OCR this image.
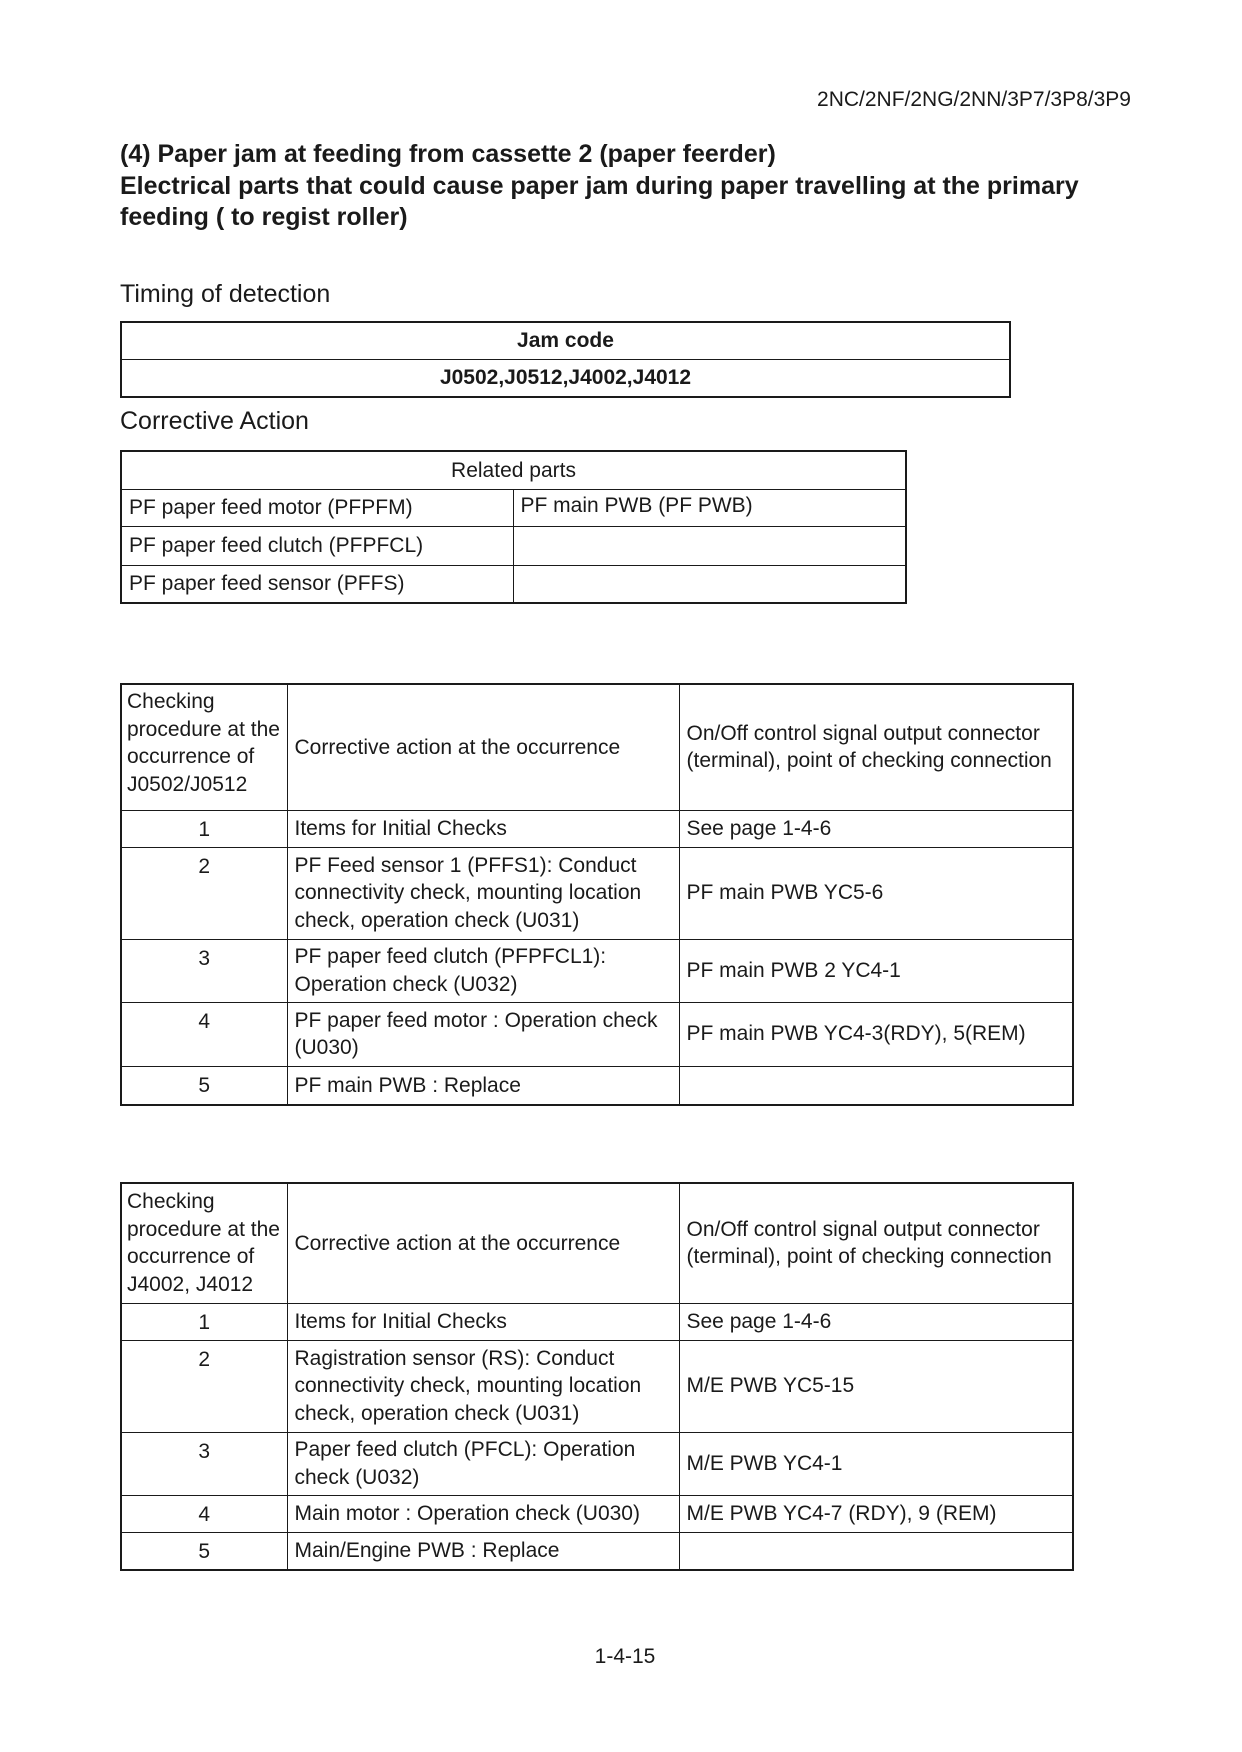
2NC/2NF/2NG/2NN/3P7/3P8/3P9
(4) Paper jam at feeding from cassette 2 (paper feerder)
Electrical parts that could cause paper jam during paper travelling at the primary
feeding ( to regist roller)
Timing of detection
Jam code
J0502,J0512,J4002,J4012
Corrective Action
Related parts	
PF paper feed motor (PFPFM)	PF main PWB (PF PWB)
PF paper feed clutch (PFPFCL)	
PF paper feed sensor (PFFS)	
Checking procedure at the occurrence of J0502/J0512	Corrective action at the occurrence	On/Off control signal output connector (terminal), point of checking connection
1	Items for Initial Checks	See page 1-4-6
2	PF Feed sensor 1 (PFFS1): Conduct connectivity check, mounting location check, operation check (U031)	PF main PWB YC5-6
3	PF paper feed clutch (PFPFCL1): Operation check (U032)	PF main PWB 2 YC4-1
4	PF paper feed motor : Operation check (U030)	PF main PWB YC4-3(RDY), 5(REM)
5	PF main PWB : Replace	
Checking procedure at the occurrence of J4002, J4012	Corrective action at the occurrence	On/Off control signal output connector (terminal), point of checking connection
1	Items for Initial Checks	See page 1-4-6
2	Ragistration sensor (RS): Conduct connectivity check, mounting location check, operation check (U031)	M/E PWB YC5-15
3	Paper feed clutch (PFCL): Operation check (U032)	M/E PWB YC4-1
4	Main motor : Operation check (U030)	M/E PWB YC4-7 (RDY), 9 (REM)
5	Main/Engine PWB : Replace	
1-4-15
